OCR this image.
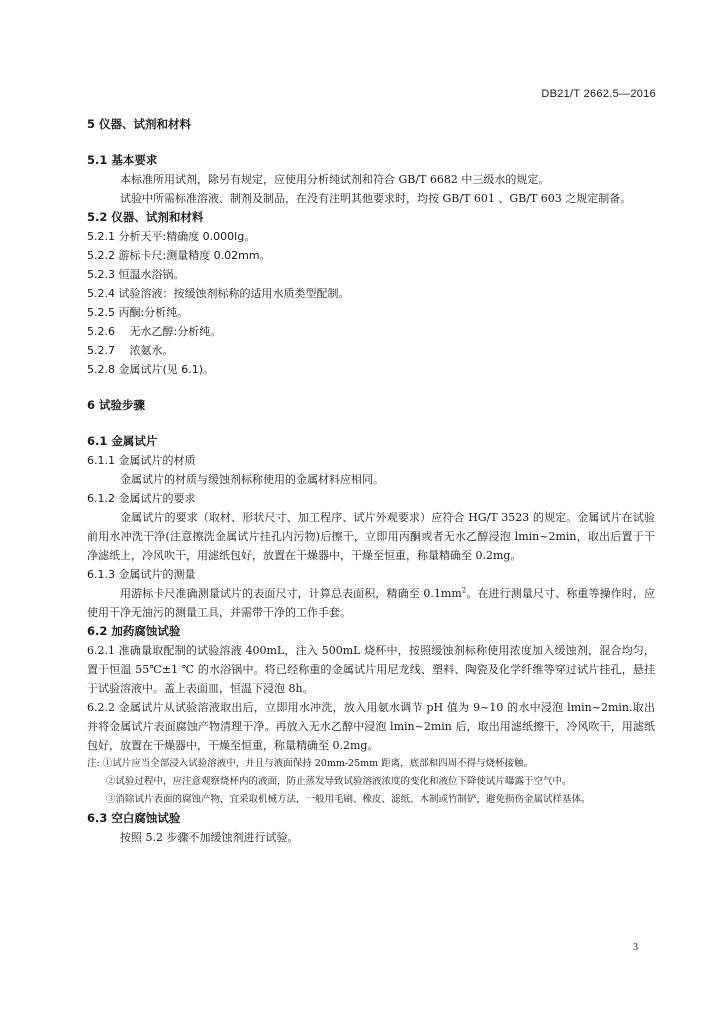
DB21/T 2662.5—2016
5 仪器、试剂和材料
5.1 基本要求
本标准所用试剂，除另有规定，应使用分析纯试剂和符合 GB/T 6682 中三级水的规定。
试验中所需标准溶液、制剂及制品，在没有注明其他要求时，均按 GB/T 601 、GB/T 603 之规定制备。
5.2 仪器、试剂和材料
5.2.1 分析天平:精确度 0.000lg。
5.2.2 游标卡尺:测量精度 0.02mm。
5.2.3 恒温水浴锅。
5.2.4 试验溶液：按缓蚀剂标称的适用水质类型配制。
5.2.5 丙酮:分析纯。
5.2.6　 无水乙醇:分析纯。
5.2.7　 浓氨水。
5.2.8 金属试片(见 6.1)。
6 试验步骤
6.1 金属试片
6.1.1 金属试片的材质
金属试片的材质与缓蚀剂标称使用的金属材料应相同。
6.1.2 金属试片的要求
金属试片的要求（取材、形状尺寸、加工程序、试片外观要求）应符合 HG/T 3523 的规定。金属试片在试验前用水冲洗干净(注意擦洗金属试片挂孔内污物)后擦干，立即用丙酮或者无水乙醇浸泡 lmin~2min，取出后置于干净滤纸上，冷风吹干，用滤纸包好，放置在干燥器中，干燥至恒重，称量精确至 0.2mg。
6.1.3 金属试片的测量
用游标卡尺准确测量试片的表面尺寸，计算总表面积，精确至 $0.1mm^2$。在进行测量尺寸、称重等操作时，应使用干净无油污的测量工具，并需带干净的工作手套。
6.2 加药腐蚀试验
6.2.1 准确量取配制的试验溶液 400mL，注入 500mL 烧杯中，按照缓蚀剂标称使用浓度加入缓蚀剂，混合均匀，置于恒温 55℃±1 ℃ 的水浴锅中。将已经称重的金属试片用尼龙线、塑料、陶瓷及化学纤维等穿过试片挂孔，悬挂于试验溶液中。盖上表面皿，恒温下浸泡 8h。
6.2.2 金属试片从试验溶液取出后，立即用水冲洗，放入用氨水调节 pH 值为 9~10 的水中浸泡 lmin~2min.取出并将金属试片表面腐蚀产物清理干净。再放入无水乙醇中浸泡 lmin~2min 后，取出用滤纸擦干，冷风吹干，用滤纸包好，放置在干燥器中，干燥至恒重，称量精确至 0.2mg。
注: ①试片应当全部浸入试验溶液中，并且与液面保持 20mm-25mm 距离，底部和四周不得与烧杯接触。
②试验过程中，应注意观察烧杯内的液面，防止蒸发导致试验溶液浓度的变化和液位下降使试片曝露于空气中。
③消除试片表面的腐蚀产物，宜采取机械方法，一般用毛刷、橡皮、滤纸、木制或竹制铲，避免损伤金属试样基体。
6.3 空白腐蚀试验
按照 5.2 步骤不加缓蚀剂进行试验。
3
